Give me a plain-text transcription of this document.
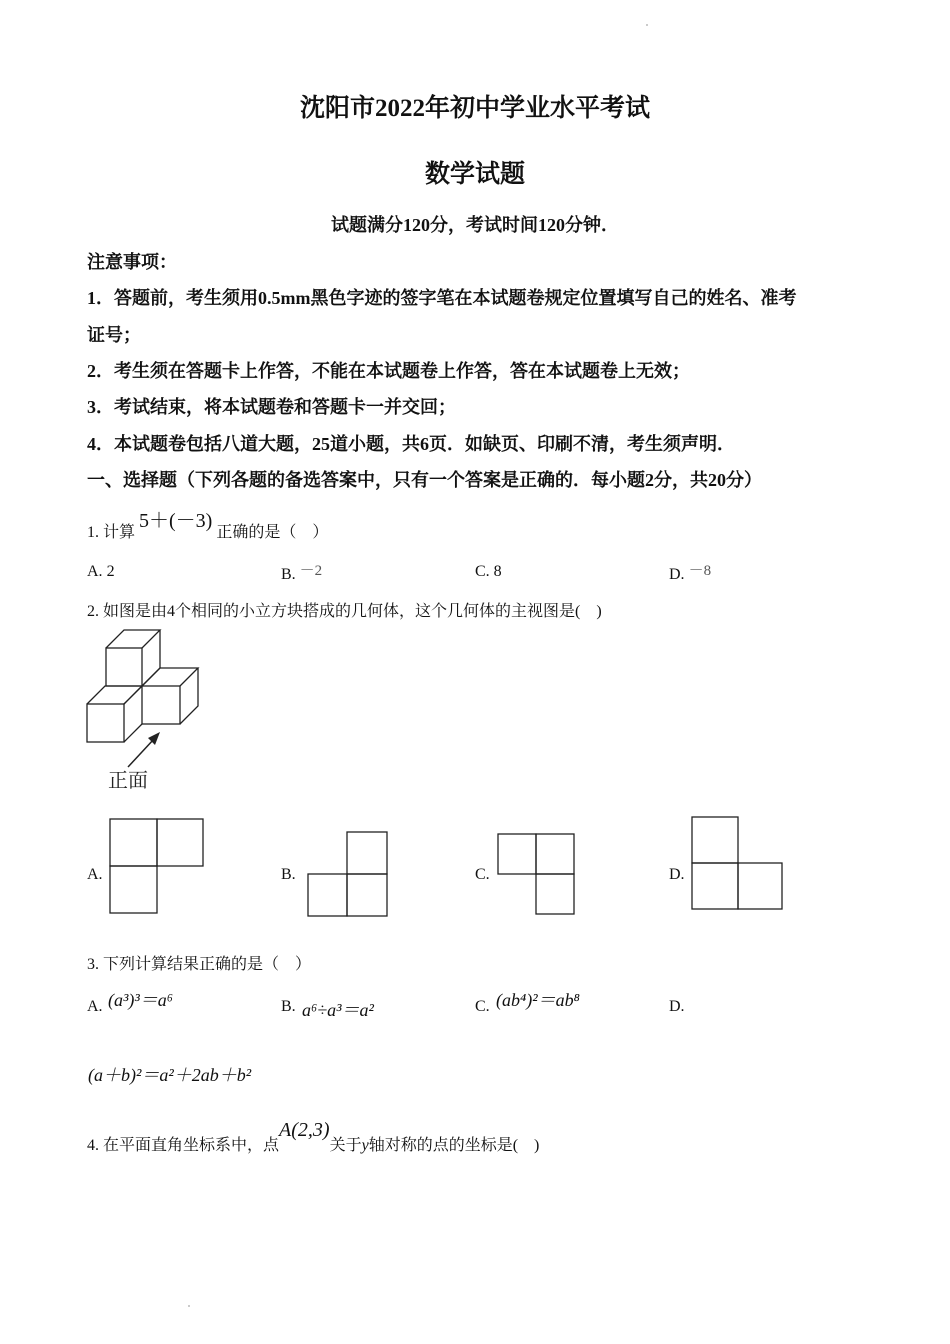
沈阳市2022年初中学业水平考试
数学试题
试题满分120分，考试时间120分钟．
注意事项：
1．答题前，考生须用0.5mm黑色字迹的签字笔在本试题卷规定位置填写自己的姓名、准考
证号；
2．考生须在答题卡上作答，不能在本试题卷上作答，答在本试题卷上无效；
3．考试结束，将本试题卷和答题卡一并交回；
4．本试题卷包括八道大题，25道小题，共6页．如缺页、印刷不清，考生须声明．
一、选择题（下列各题的备选答案中，只有一个答案是正确的．每小题2分，共20分）
1. 计算 5＋(－3) 正确的是（　）
A. 2	B. －2	C. 8	D. －8
2. 如图是由4个相同的小立方块搭成的几何体，这个几何体的主视图是(　)
正面
A.	B.	C.	D.
3. 下列计算结果正确的是（　）
A. (a³)³＝a⁶	B. a⁶÷a³＝a²	C. (ab⁴)²＝ab⁸	D.
(a＋b)²＝a²＋2ab＋b²
4. 在平面直角坐标系中，点A(2,3)关于y轴对称的点的坐标是(　)
